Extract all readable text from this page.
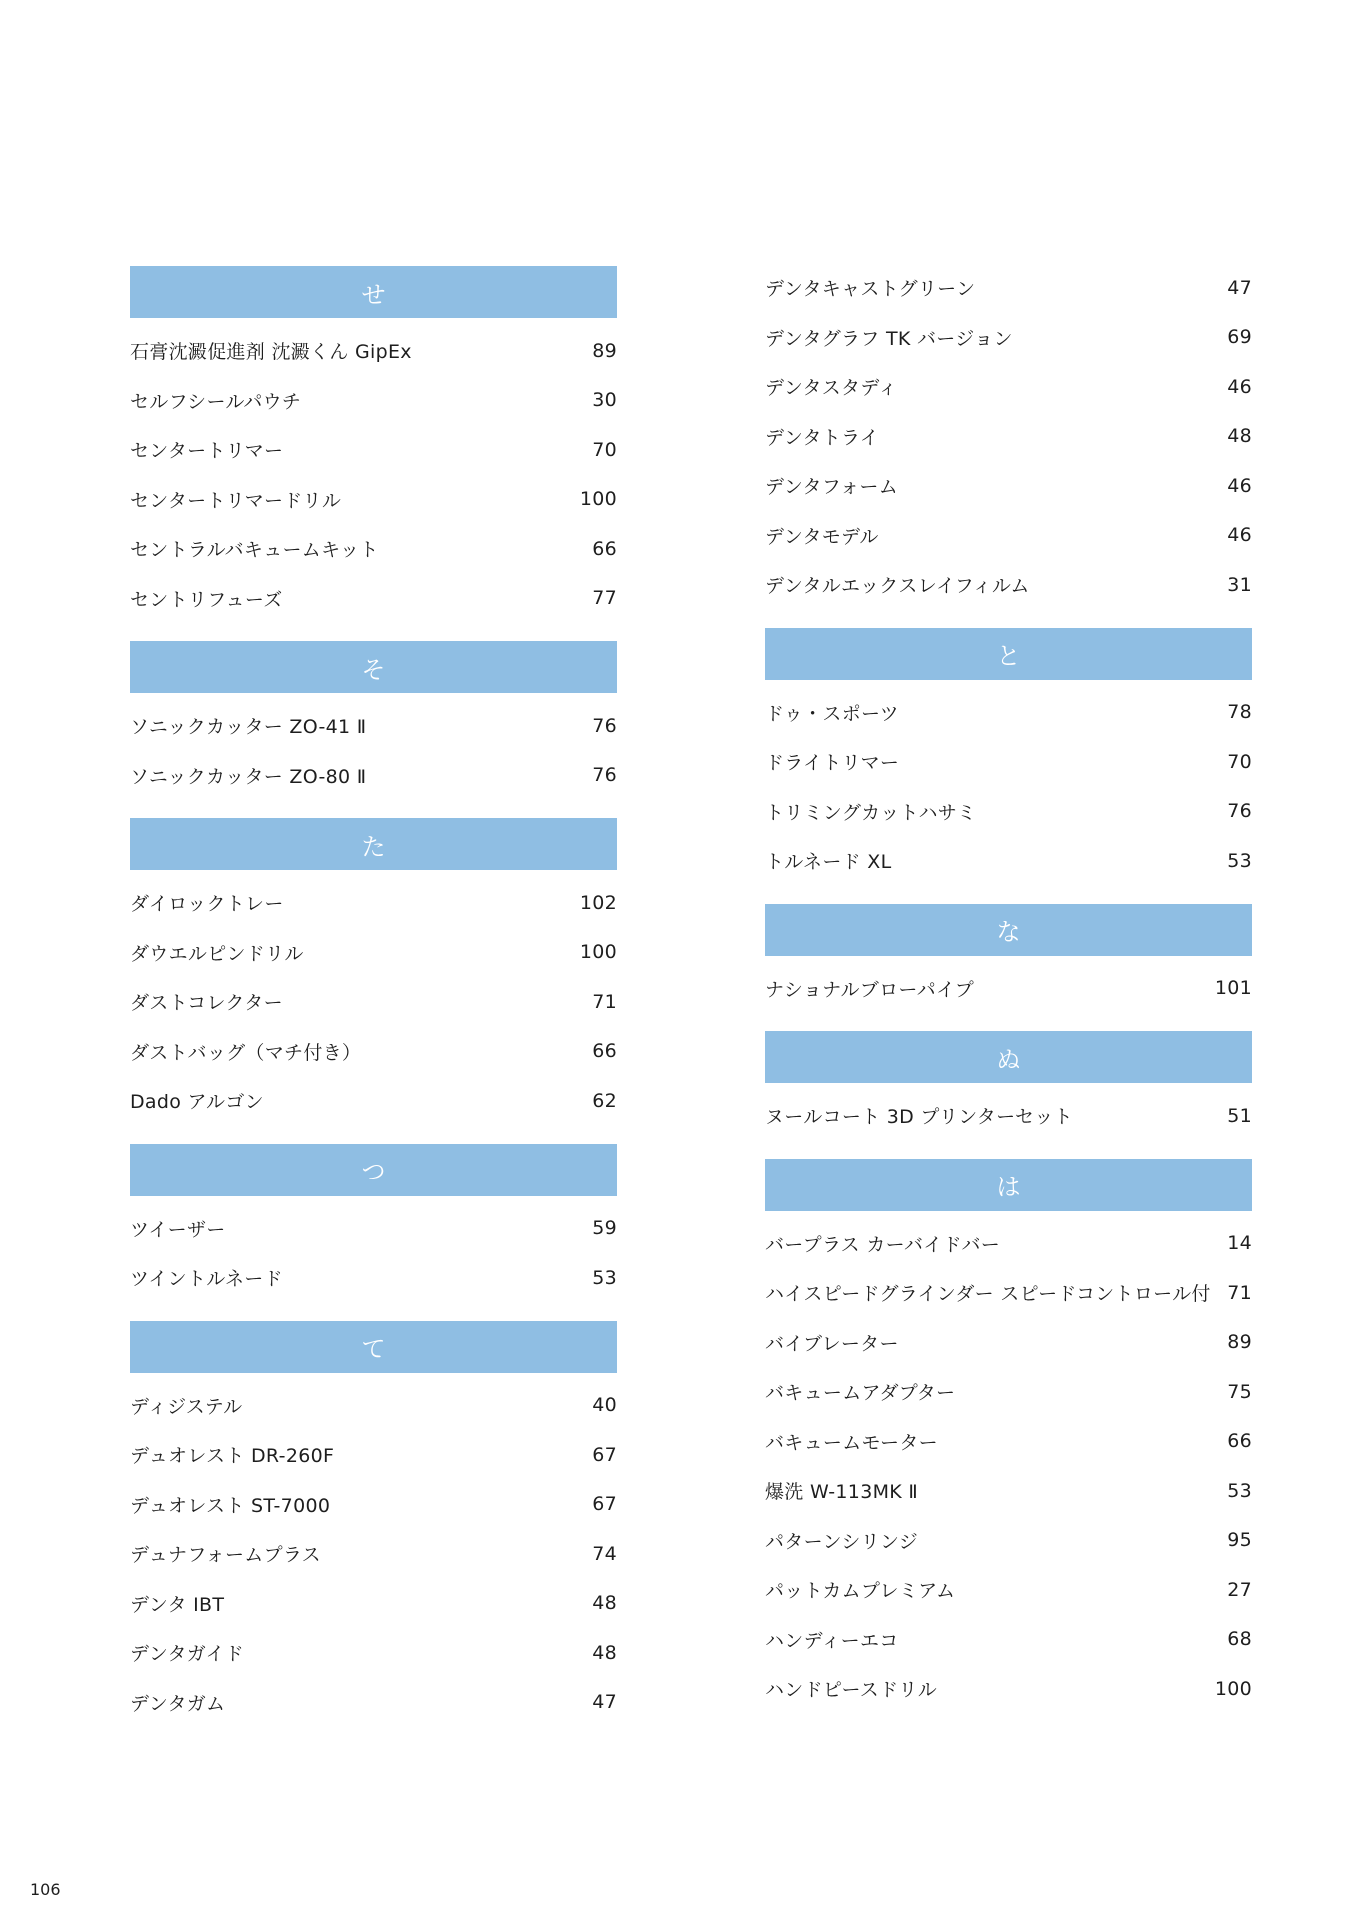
せ
石膏沈澱促進剤 沈澱くん GipEx	89
セルフシールパウチ	30
センタートリマー	70
センタートリマードリル	100
セントラルバキュームキット	66
セントリフューズ	77
そ
ソニックカッター ZO-41 Ⅱ	76
ソニックカッター ZO-80 Ⅱ	76
た
ダイロックトレー	102
ダウエルピンドリル	100
ダストコレクター	71
ダストバッグ（マチ付き）	66
Dado アルゴン	62
つ
ツイーザー	59
ツイントルネード	53
て
ディジステル	40
デュオレスト DR-260F	67
デュオレスト ST-7000	67
デュナフォームプラス	74
デンタ IBT	48
デンタガイド	48
デンタガム	47
デンタキャストグリーン	47
デンタグラフ TK バージョン	69
デンタスタディ	46
デンタトライ	48
デンタフォーム	46
デンタモデル	46
デンタルエックスレイフィルム	31
と
ドゥ・スポーツ	78
ドライトリマー	70
トリミングカットハサミ	76
トルネード XL	53
な
ナショナルブローパイプ	101
ぬ
ヌールコート 3D プリンターセット	51
は
バープラス カーバイドバー	14
ハイスピードグラインダー スピードコントロール付 71
バイブレーター	89
バキュームアダプター	75
バキュームモーター	66
爆洗 W-113MK Ⅱ	53
パターンシリンジ	95
パットカムプレミアム	27
ハンディーエコ	68
ハンドピースドリル	100
106
